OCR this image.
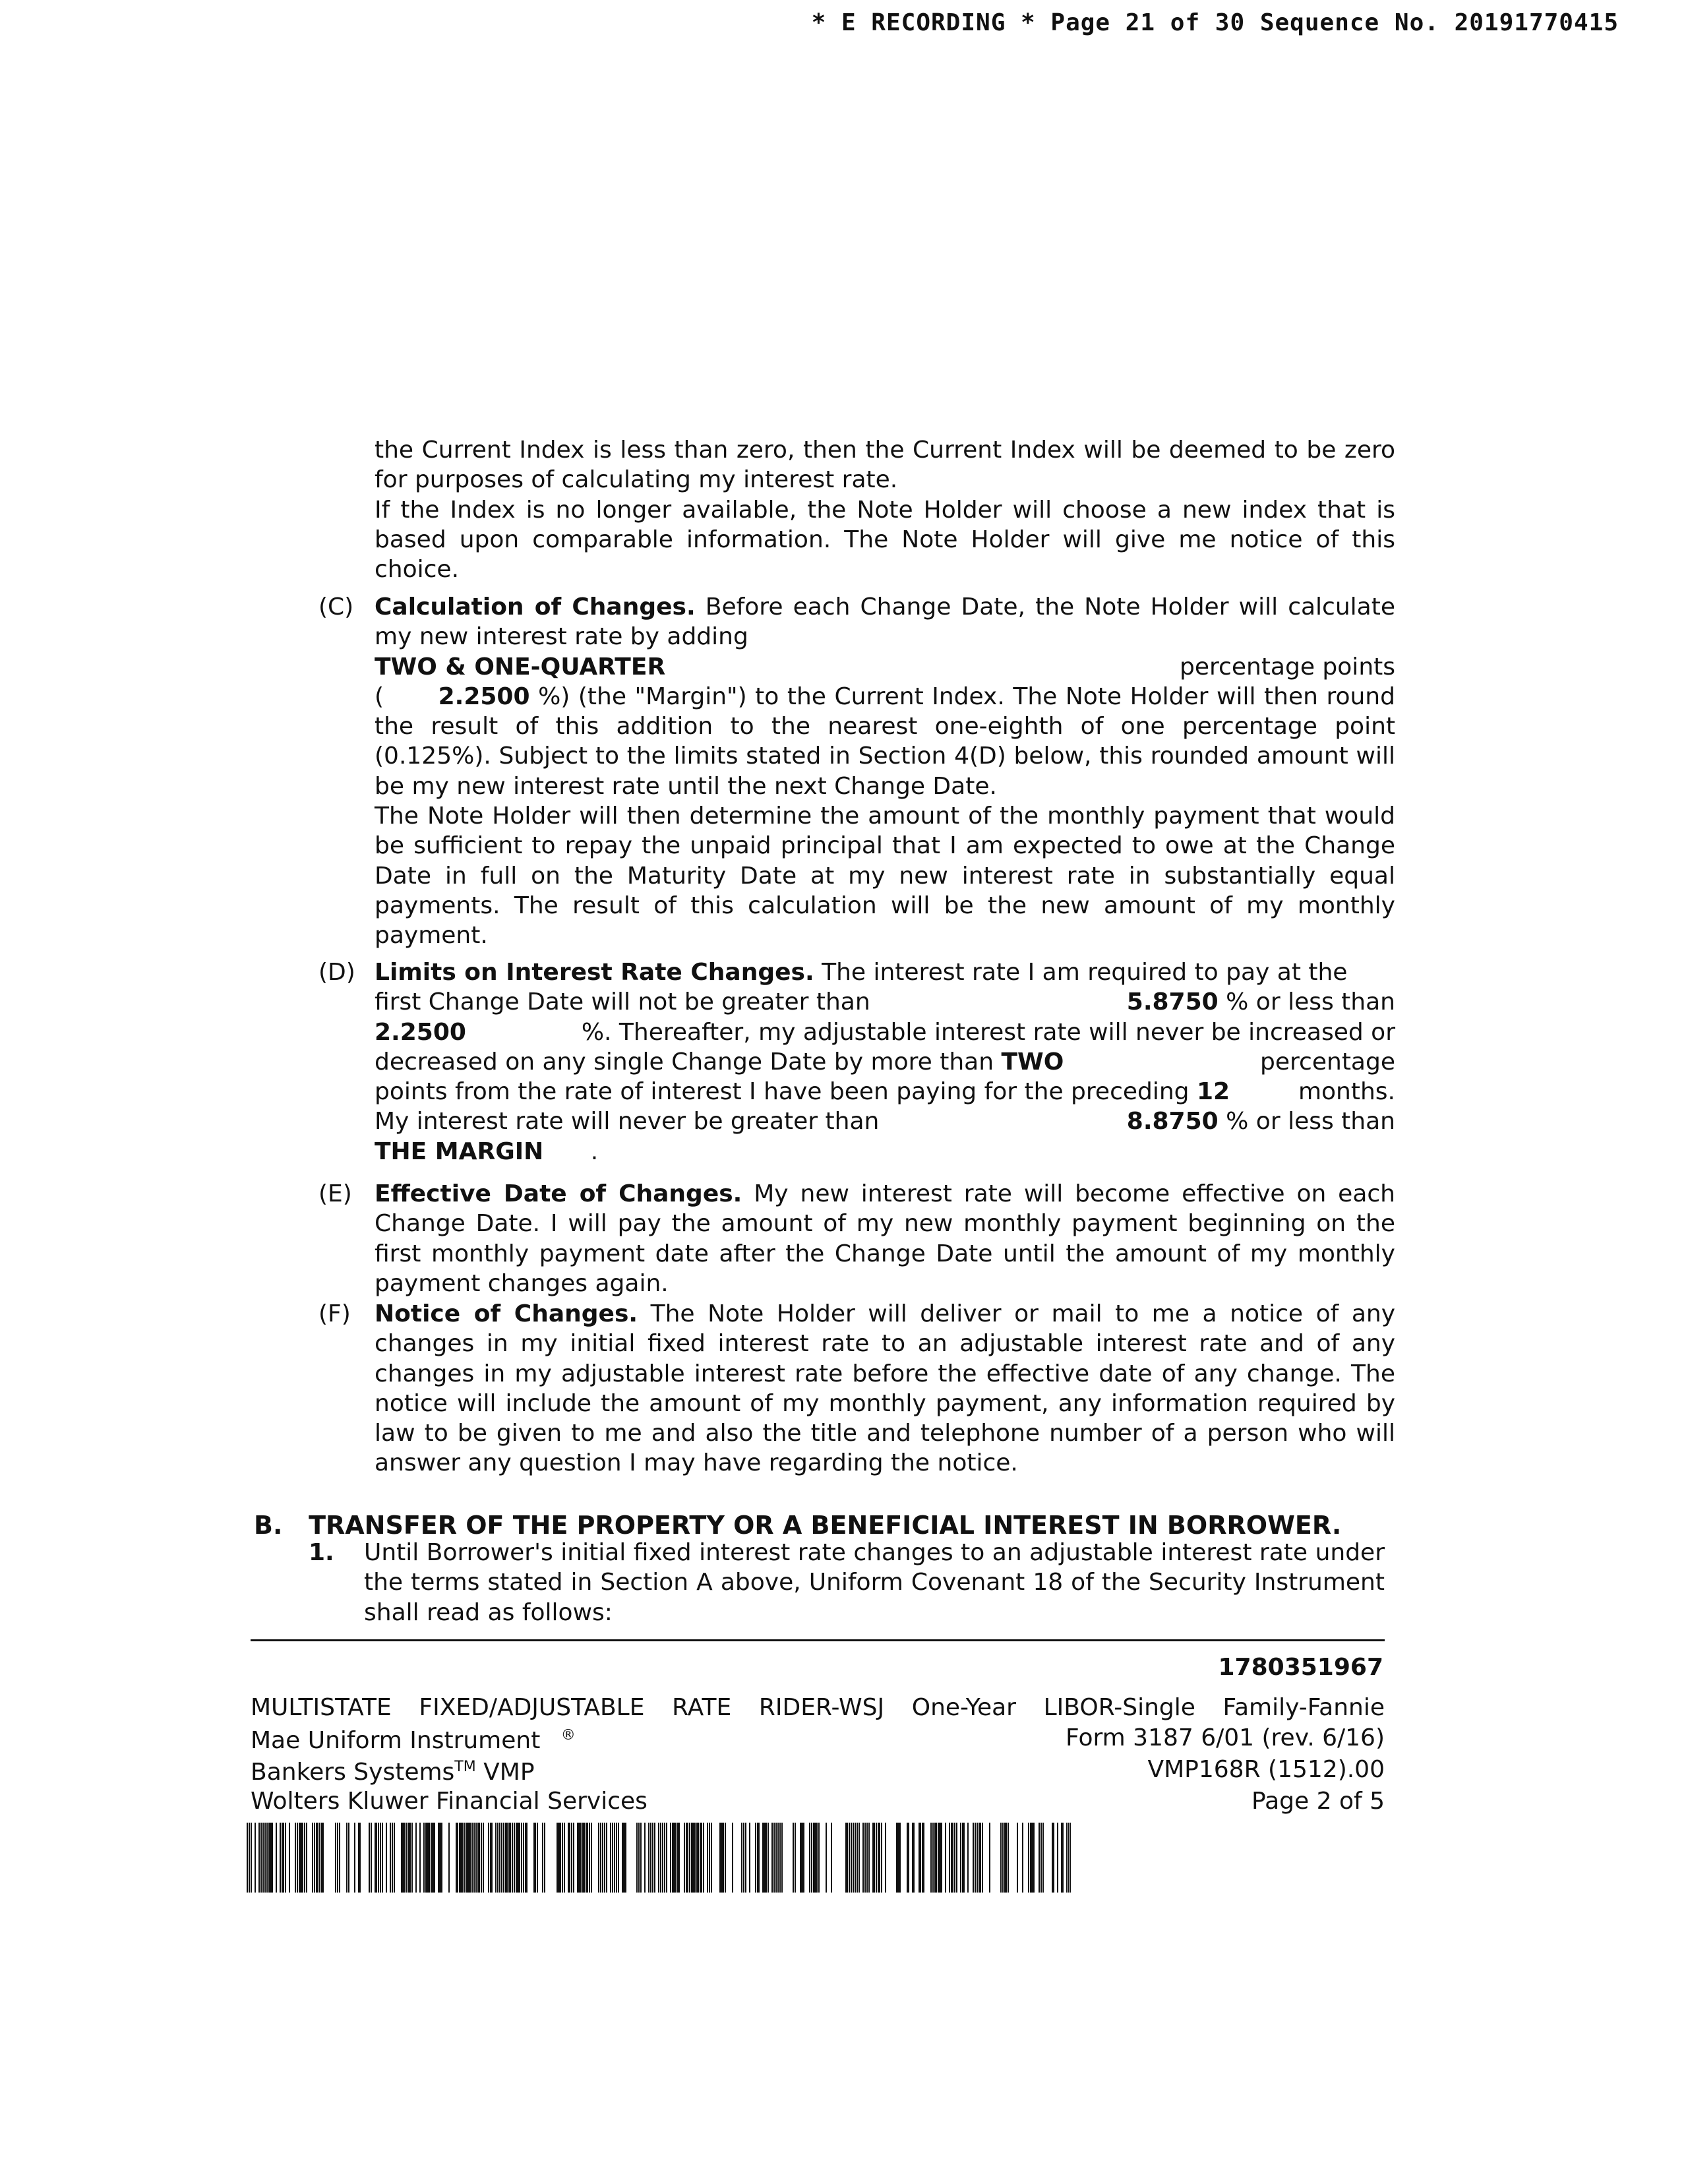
* E RECORDING * Page 21 of 30 Sequence No. 20191770415
the Current Index is less than zero, then the Current Index will be deemed to be zero for purposes of calculating my interest rate.
If the Index is no longer available, the Note Holder will choose a new index that is based upon comparable information. The Note Holder will give me notice of this choice.
(C) Calculation of Changes. Before each Change Date, the Note Holder will calculate my new interest rate by adding
TWO & ONE-QUARTER	percentage points
( 2.2500 %) (the "Margin") to the Current Index. The Note Holder will then round the result of this addition to the nearest one-eighth of one percentage point (0.125%). Subject to the limits stated in Section 4(D) below, this rounded amount will be my new interest rate until the next Change Date.
The Note Holder will then determine the amount of the monthly payment that would be sufficient to repay the unpaid principal that I am expected to owe at the Change Date in full on the Maturity Date at my new interest rate in substantially equal payments. The result of this calculation will be the new amount of my monthly payment.
(D) Limits on Interest Rate Changes. The interest rate I am required to pay at the
first Change Date will not be greater than	5.8750 % or less than
2.2500	%. Thereafter, my adjustable interest rate will never be increased or
decreased on any single Change Date by more than TWO	percentage
points from the rate of interest I have been paying for the preceding 12	months.
My interest rate will never be greater than	8.8750 % or less than
THE MARGIN .
(E) Effective Date of Changes. My new interest rate will become effective on each Change Date. I will pay the amount of my new monthly payment beginning on the first monthly payment date after the Change Date until the amount of my monthly payment changes again.
(F) Notice of Changes. The Note Holder will deliver or mail to me a notice of any changes in my initial fixed interest rate to an adjustable interest rate and of any changes in my adjustable interest rate before the effective date of any change. The notice will include the amount of my monthly payment, any information required by law to be given to me and also the title and telephone number of a person who will answer any question I may have regarding the notice.
B.   TRANSFER OF THE PROPERTY OR A BENEFICIAL INTEREST IN BORROWER.
1. Until Borrower's initial fixed interest rate changes to an adjustable interest rate under the terms stated in Section A above, Uniform Covenant 18 of the Security Instrument shall read as follows:
1780351967
MULTISTATE FIXED/ADJUSTABLE RATE RIDER-WSJ One-Year LIBOR-Single Family-Fannie
Mae Uniform Instrument ®
Bankers Systems™ VMP
Wolters Kluwer Financial Services
Form 3187 6/01 (rev. 6/16)
VMP168R (1512).00
Page 2 of 5
